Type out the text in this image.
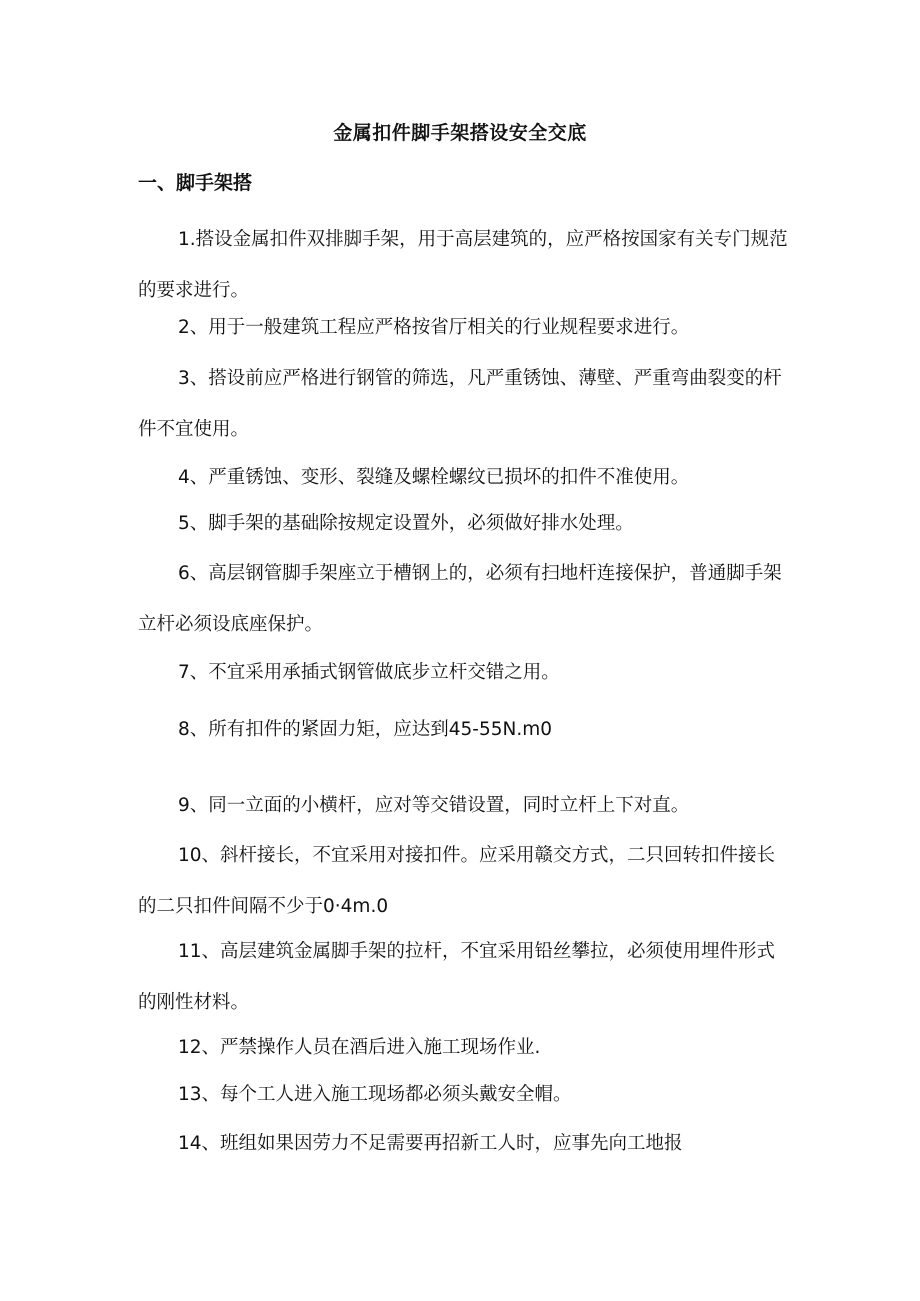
金属扣件脚手架搭设安全交底
一、脚手架搭

1.搭设金属扣件双排脚手架，用于高层建筑的，应严格按国家有关专门规范的要求进行。

2、用于一般建筑工程应严格按省厅相关的行业规程要求进行。

3、搭设前应严格进行钢管的筛选，凡严重锈蚀、薄壁、严重弯曲裂变的杆件不宜使用。

4、严重锈蚀、变形、裂缝及螺栓螺纹已损坏的扣件不准使用。

5、脚手架的基础除按规定设置外，必须做好排水处理。

6、高层钢管脚手架座立于槽钢上的，必须有扫地杆连接保护，普通脚手架立杆必须设底座保护。

7、不宜采用承插式钢管做底步立杆交错之用。

8、所有扣件的紧固力矩，应达到45-55N.m0

9、同一立面的小横杆，应对等交错设置，同时立杆上下对直。

10、斜杆接长，不宜采用对接扣件。应采用赣交方式，二只回转扣件接长的二只扣件间隔不少于0·4m.0

11、高层建筑金属脚手架的拉杆，不宜采用铅丝攀拉，必须使用埋件形式的刚性材料。

12、严禁操作人员在酒后进入施工现场作业.

13、每个工人进入施工现场都必须头戴安全帽。

14、班组如果因劳力不足需要再招新工人时，应事先向工地报
